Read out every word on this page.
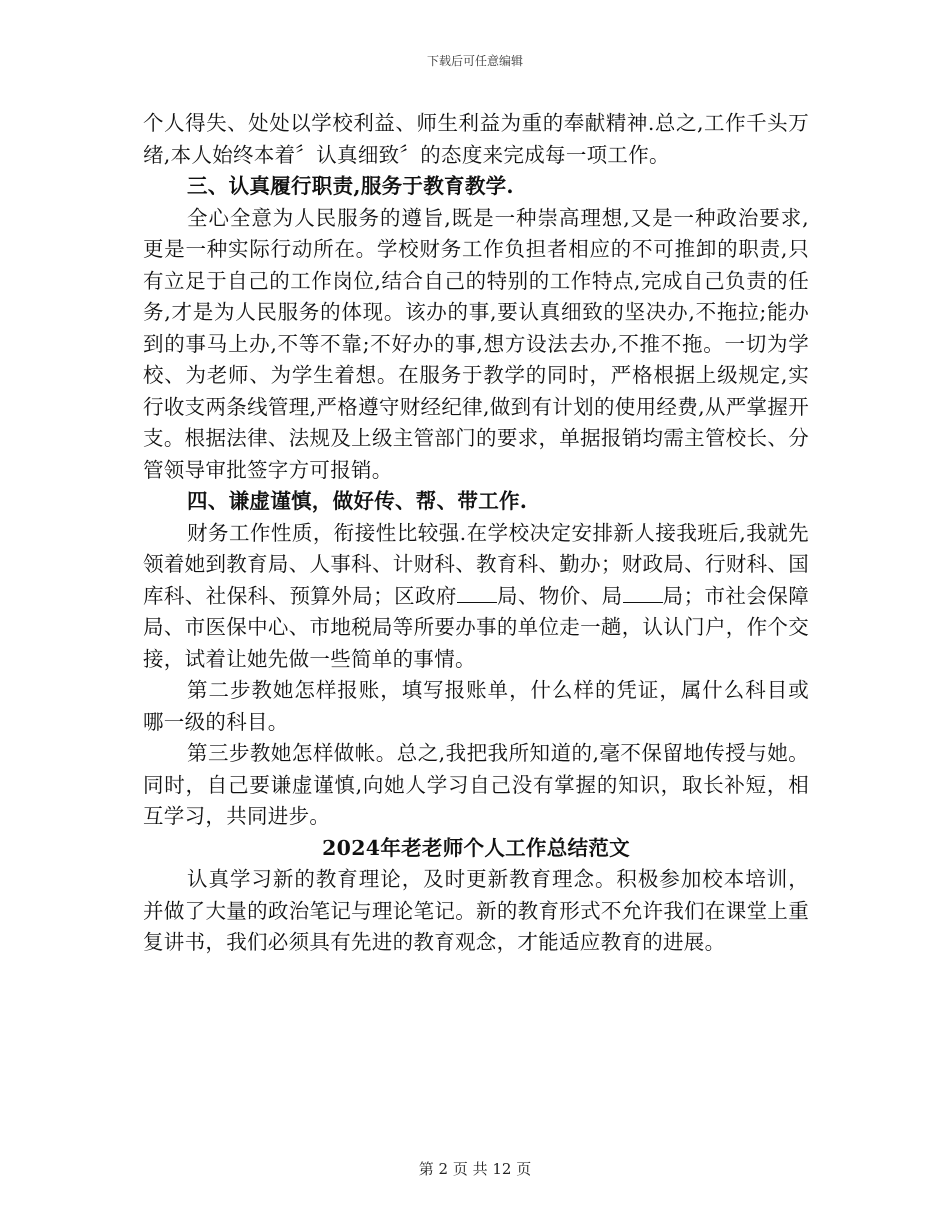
下载后可任意编辑

个人得失、处处以学校利益、师生利益为重的奉献精神.总之,工作千头万绪,本人始终本着〞认真细致〞的态度来完成每一项工作。

三、认真履行职责,服务于教育教学.

全心全意为人民服务的遵旨,既是一种崇高理想,又是一种政治要求,更是一种实际行动所在。学校财务工作负担者相应的不可推卸的职责,只有立足于自己的工作岗位,结合自己的特别的工作特点,完成自己负责的任务,才是为人民服务的体现。该办的事,要认真细致的坚决办,不拖拉;能办到的事马上办,不等不靠;不好办的事,想方设法去办,不推不拖。一切为学校、为老师、为学生着想。在服务于教学的同时，严格根据上级规定,实行收支两条线管理,严格遵守财经纪律,做到有计划的使用经费,从严掌握开支。根据法律、法规及上级主管部门的要求，单据报销均需主管校长、分管领导审批签字方可报销。

四、谦虚谨慎，做好传、帮、带工作.

财务工作性质，衔接性比较强.在学校决定安排新人接我班后,我就先领着她到教育局、人事科、计财科、教育科、勤办；财政局、行财科、国库科、社保科、预算外局；区政府 局、物价、局 局；市社会保障局、市医保中心、市地税局等所要办事的单位走一趟，认认门户，作个交接，试着让她先做一些简单的事情。

第二步教她怎样报账，填写报账单，什么样的凭证，属什么科目或哪一级的科目。

第三步教她怎样做帐。总之,我把我所知道的,毫不保留地传授与她。同时，自己要谦虚谨慎,向她人学习自己没有掌握的知识，取长补短，相互学习，共同进步。

2024年老老师个人工作总结范文

认真学习新的教育理论，及时更新教育理念。积极参加校本培训，并做了大量的政治笔记与理论笔记。新的教育形式不允许我们在课堂上重复讲书，我们必须具有先进的教育观念，才能适应教育的进展。

第 2 页 共 12 页
